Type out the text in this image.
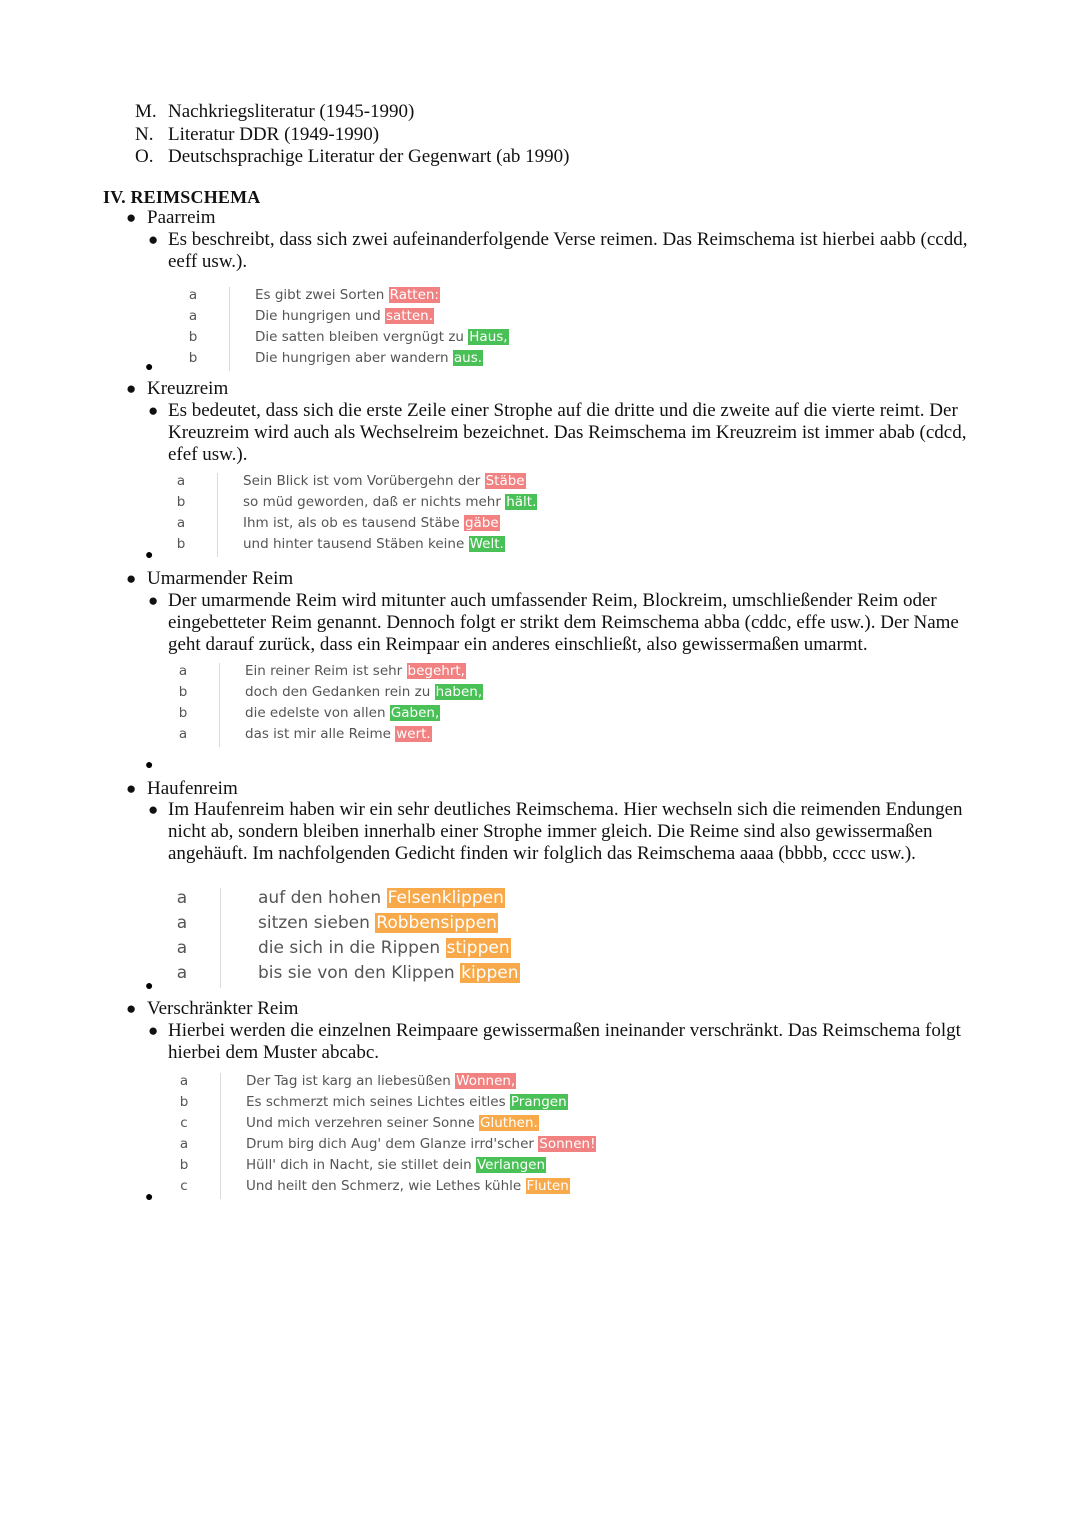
M. Nachkriegsliteratur (1945-1990)
N. Literatur DDR (1949-1990)
O. Deutschsprachige Literatur der Gegenwart (ab 1990)
IV. REIMSCHEMA
● Paarreim
● Es beschreibt, dass sich zwei aufeinanderfolgende Verse reimen. Das Reimschema ist hierbei aabb (ccdd, eeff usw.).
a	Es gibt zwei Sorten Ratten:
a	Die hungrigen und satten.
b	Die satten bleiben vergnügt zu Haus,
b	Die hungrigen aber wandern aus.
●
● Kreuzreim
● Es bedeutet, dass sich die erste Zeile einer Strophe auf die dritte und die zweite auf die vierte reimt. Der Kreuzreim wird auch als Wechselreim bezeichnet. Das Reimschema im Kreuzreim ist immer abab (cdcd, efef usw.).
a	Sein Blick ist vom Vorübergehn der Stäbe
b	so müd geworden, daß er nichts mehr hält.
a	Ihm ist, als ob es tausend Stäbe gäbe
b	und hinter tausend Stäben keine Welt.
●
● Umarmender Reim
● Der umarmende Reim wird mitunter auch umfassender Reim, Blockreim, umschließender Reim oder eingebetteter Reim genannt. Dennoch folgt er strikt dem Reimschema abba (cddc, effe usw.). Der Name geht darauf zurück, dass ein Reimpaar ein anderes einschließt, also gewissermaßen umarmt.
a	Ein reiner Reim ist sehr begehrt,
b	doch den Gedanken rein zu haben,
b	die edelste von allen Gaben,
a	das ist mir alle Reime wert.
●
● Haufenreim
● Im Haufenreim haben wir ein sehr deutliches Reimschema. Hier wechseln sich die reimenden Endungen nicht ab, sondern bleiben innerhalb einer Strophe immer gleich. Die Reime sind also gewissermaßen angehäuft. Im nachfolgenden Gedicht finden wir folglich das Reimschema aaaa (bbbb, cccc usw.).
a	auf den hohen Felsenklippen
a	sitzen sieben Robbensippen
a	die sich in die Rippen stippen
a	bis sie von den Klippen kippen
●
● Verschränkter Reim
● Hierbei werden die einzelnen Reimpaare gewissermaßen ineinander verschränkt. Das Reimschema folgt hierbei dem Muster abcabc.
a	Der Tag ist karg an liebesüßen Wonnen,
b	Es schmerzt mich seines Lichtes eitles Prangen
c	Und mich verzehren seiner Sonne Gluthen.
a	Drum birg dich Aug' dem Glanze irrd'scher Sonnen!
b	Hüll' dich in Nacht, sie stillet dein Verlangen
c	Und heilt den Schmerz, wie Lethes kühle Fluten
●
